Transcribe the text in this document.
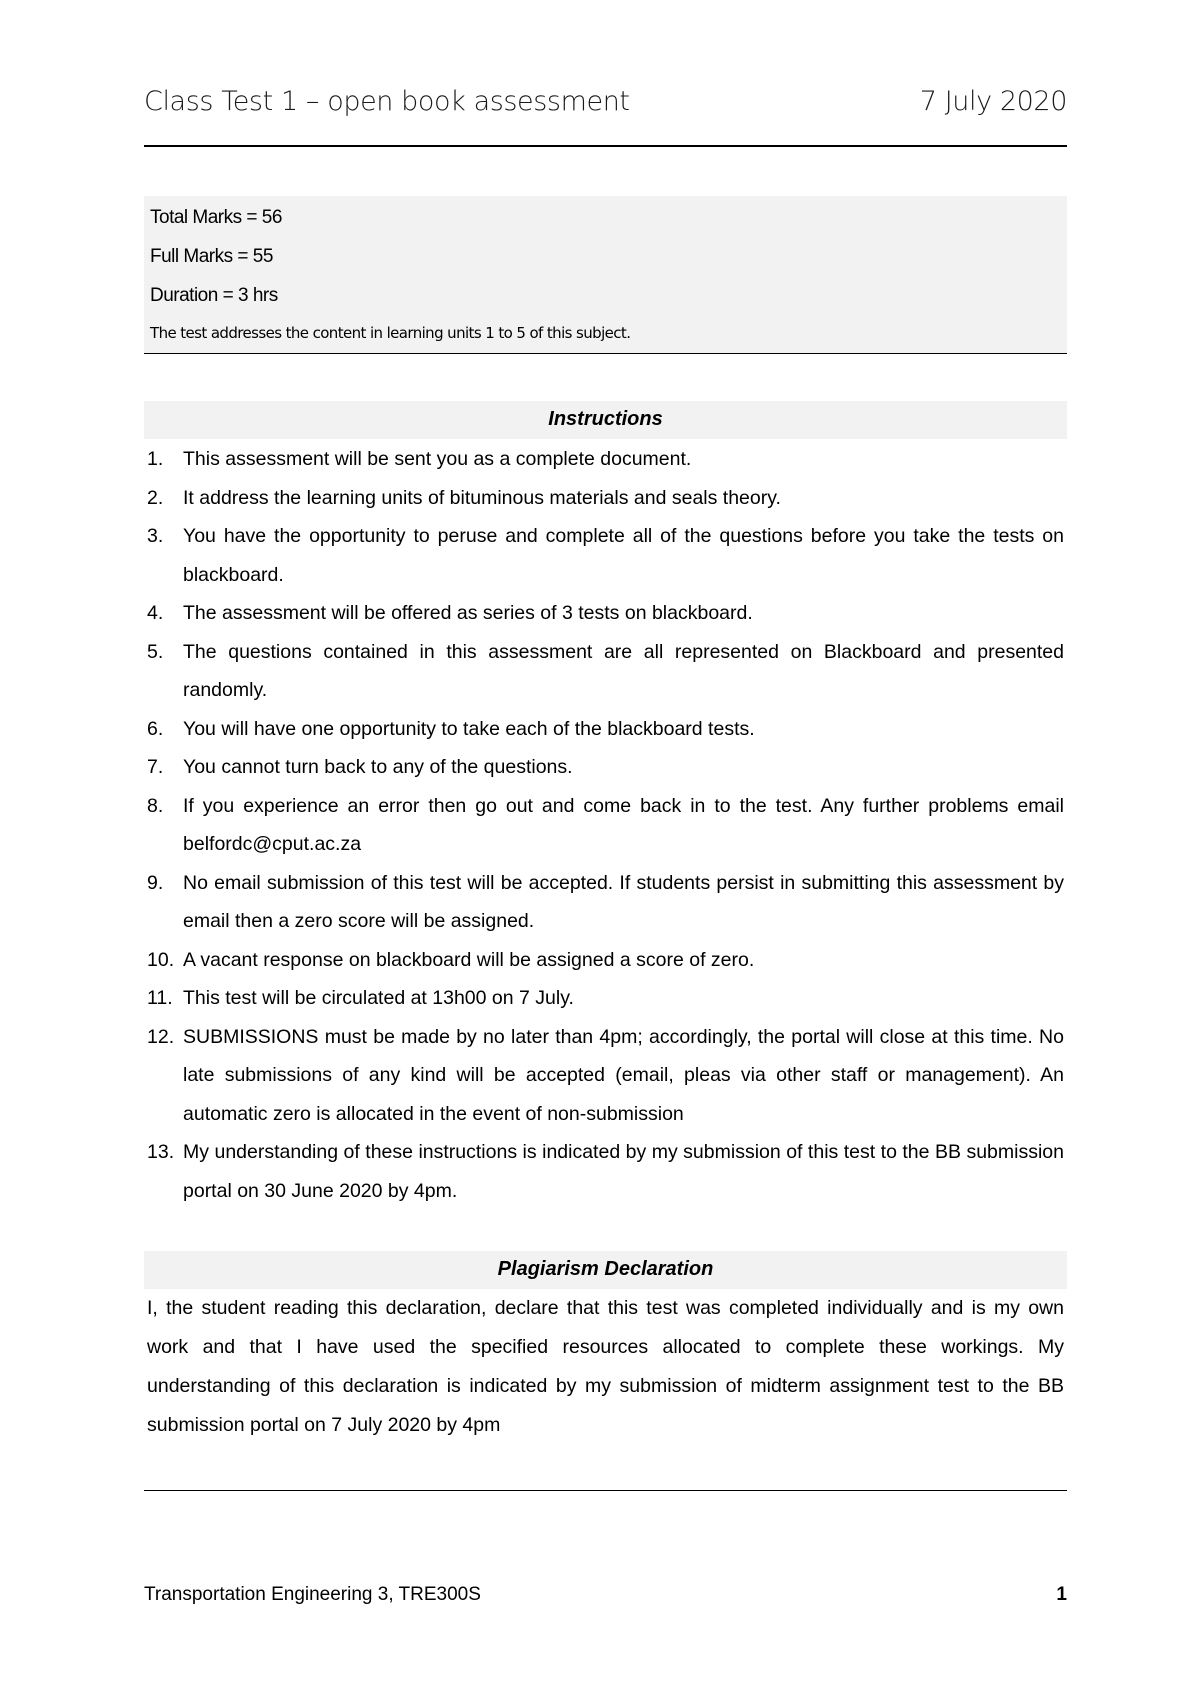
Class Test 1 – open book assessment	7 July 2020
Total Marks = 56
Full Marks = 55
Duration = 3 hrs
The test addresses the content in learning units 1 to 5 of this subject.
Instructions
1.	This assessment will be sent you as a complete document.
2.	It address the learning units of bituminous materials and seals theory.
3.	You have the opportunity to peruse and complete all of the questions before you take the tests on blackboard.
4.	The assessment will be offered as series of 3 tests on blackboard.
5.	The questions contained in this assessment are all represented on Blackboard and presented randomly.
6.	You will have one opportunity to take each of the blackboard tests.
7.	You cannot turn back to any of the questions.
8.	If you experience an error then go out and come back in to the test. Any further problems email belfordc@cput.ac.za
9.	No email submission of this test will be accepted. If students persist in submitting this assessment by email then a zero score will be assigned.
10. A vacant response on blackboard will be assigned a score of zero.
11. This test will be circulated at 13h00 on 7 July.
12. SUBMISSIONS must be made by no later than 4pm; accordingly, the portal will close at this time. No late submissions of any kind will be accepted (email, pleas via other staff or management). An automatic zero is allocated in the event of non-submission
13. My understanding of these instructions is indicated by my submission of this test to the BB submission portal on 30 June 2020 by 4pm.
Plagiarism Declaration
I, the student reading this declaration, declare that this test was completed individually and is my own work and that I have used the specified resources allocated to complete these workings. My understanding of this declaration is indicated by my submission of midterm assignment test to the BB submission portal on 7 July 2020 by 4pm
Transportation Engineering 3, TRE300S	1
